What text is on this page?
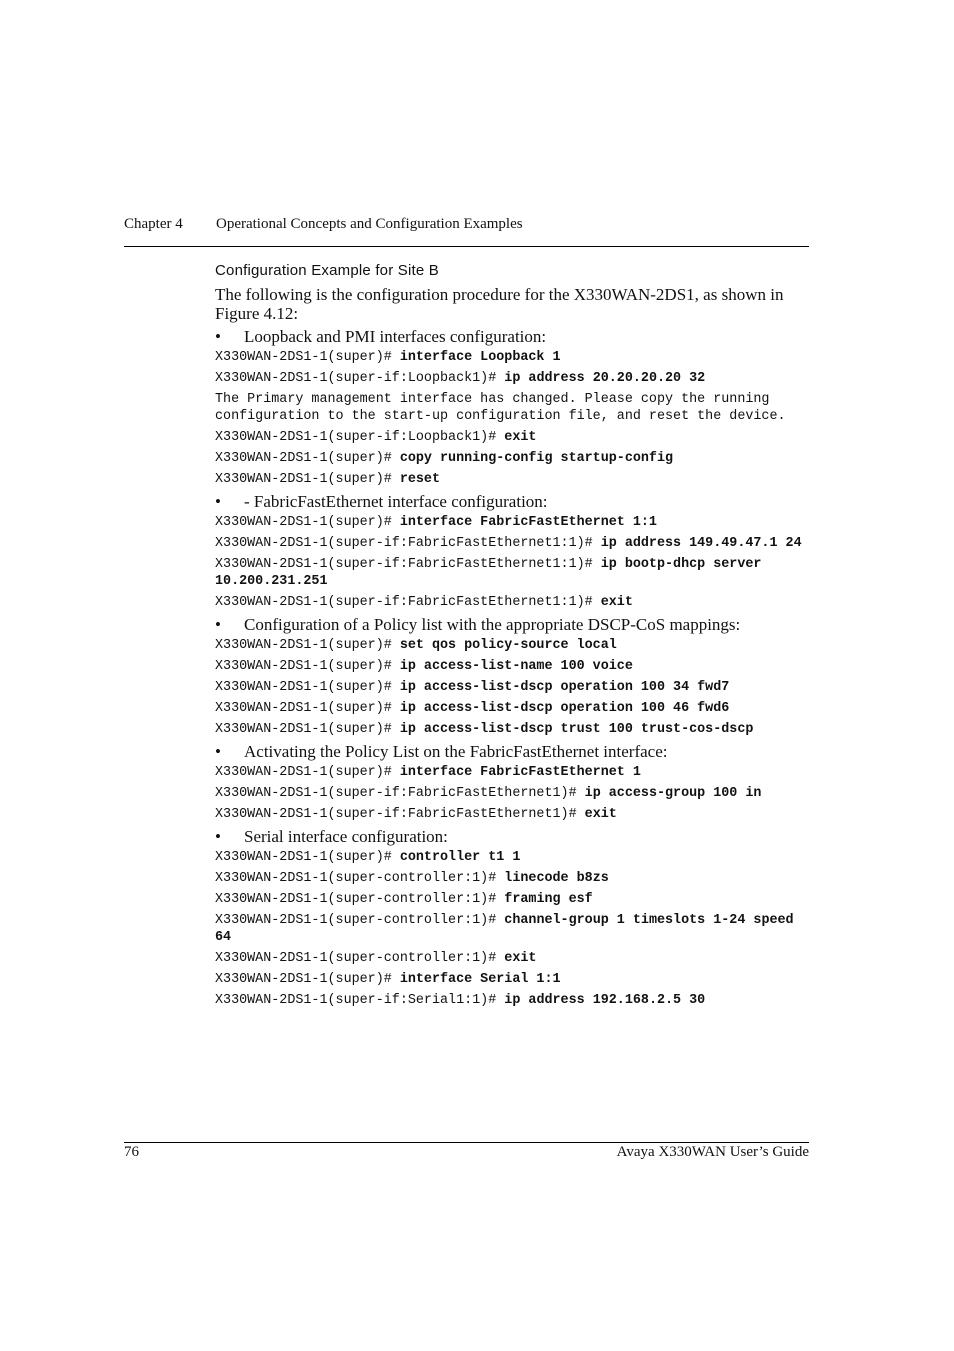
Chapter 4 Operational Concepts and Configuration Examples
Configuration Example for Site B

The following is the configuration procedure for the X330WAN-2DS1, as shown in Figure 4.12:

• Loopback and PMI interfaces configuration:
X330WAN-2DS1-1(super)# interface Loopback 1
X330WAN-2DS1-1(super-if:Loopback1)# ip address 20.20.20.20 32
The Primary management interface has changed. Please copy the running configuration to the start-up configuration file, and reset the device.
X330WAN-2DS1-1(super-if:Loopback1)# exit
X330WAN-2DS1-1(super)# copy running-config startup-config
X330WAN-2DS1-1(super)# reset
• - FabricFastEthernet interface configuration:
X330WAN-2DS1-1(super)# interface FabricFastEthernet 1:1
X330WAN-2DS1-1(super-if:FabricFastEthernet1:1)# ip address 149.49.47.1 24
X330WAN-2DS1-1(super-if:FabricFastEthernet1:1)# ip bootp-dhcp server 10.200.231.251
X330WAN-2DS1-1(super-if:FabricFastEthernet1:1)# exit
• Configuration of a Policy list with the appropriate DSCP-CoS mappings:
X330WAN-2DS1-1(super)# set qos policy-source local
X330WAN-2DS1-1(super)# ip access-list-name 100 voice
X330WAN-2DS1-1(super)# ip access-list-dscp operation 100 34 fwd7
X330WAN-2DS1-1(super)# ip access-list-dscp operation 100 46 fwd6
X330WAN-2DS1-1(super)# ip access-list-dscp trust 100 trust-cos-dscp
• Activating the Policy List on the FabricFastEthernet interface:
X330WAN-2DS1-1(super)# interface FabricFastEthernet 1
X330WAN-2DS1-1(super-if:FabricFastEthernet1)# ip access-group 100 in
X330WAN-2DS1-1(super-if:FabricFastEthernet1)# exit
• Serial interface configuration:
X330WAN-2DS1-1(super)# controller t1 1
X330WAN-2DS1-1(super-controller:1)# linecode b8zs
X330WAN-2DS1-1(super-controller:1)# framing esf
X330WAN-2DS1-1(super-controller:1)# channel-group 1 timeslots 1-24 speed 64
X330WAN-2DS1-1(super-controller:1)# exit
X330WAN-2DS1-1(super)# interface Serial 1:1
X330WAN-2DS1-1(super-if:Serial1:1)# ip address 192.168.2.5 30
76	Avaya X330WAN User’s Guide
